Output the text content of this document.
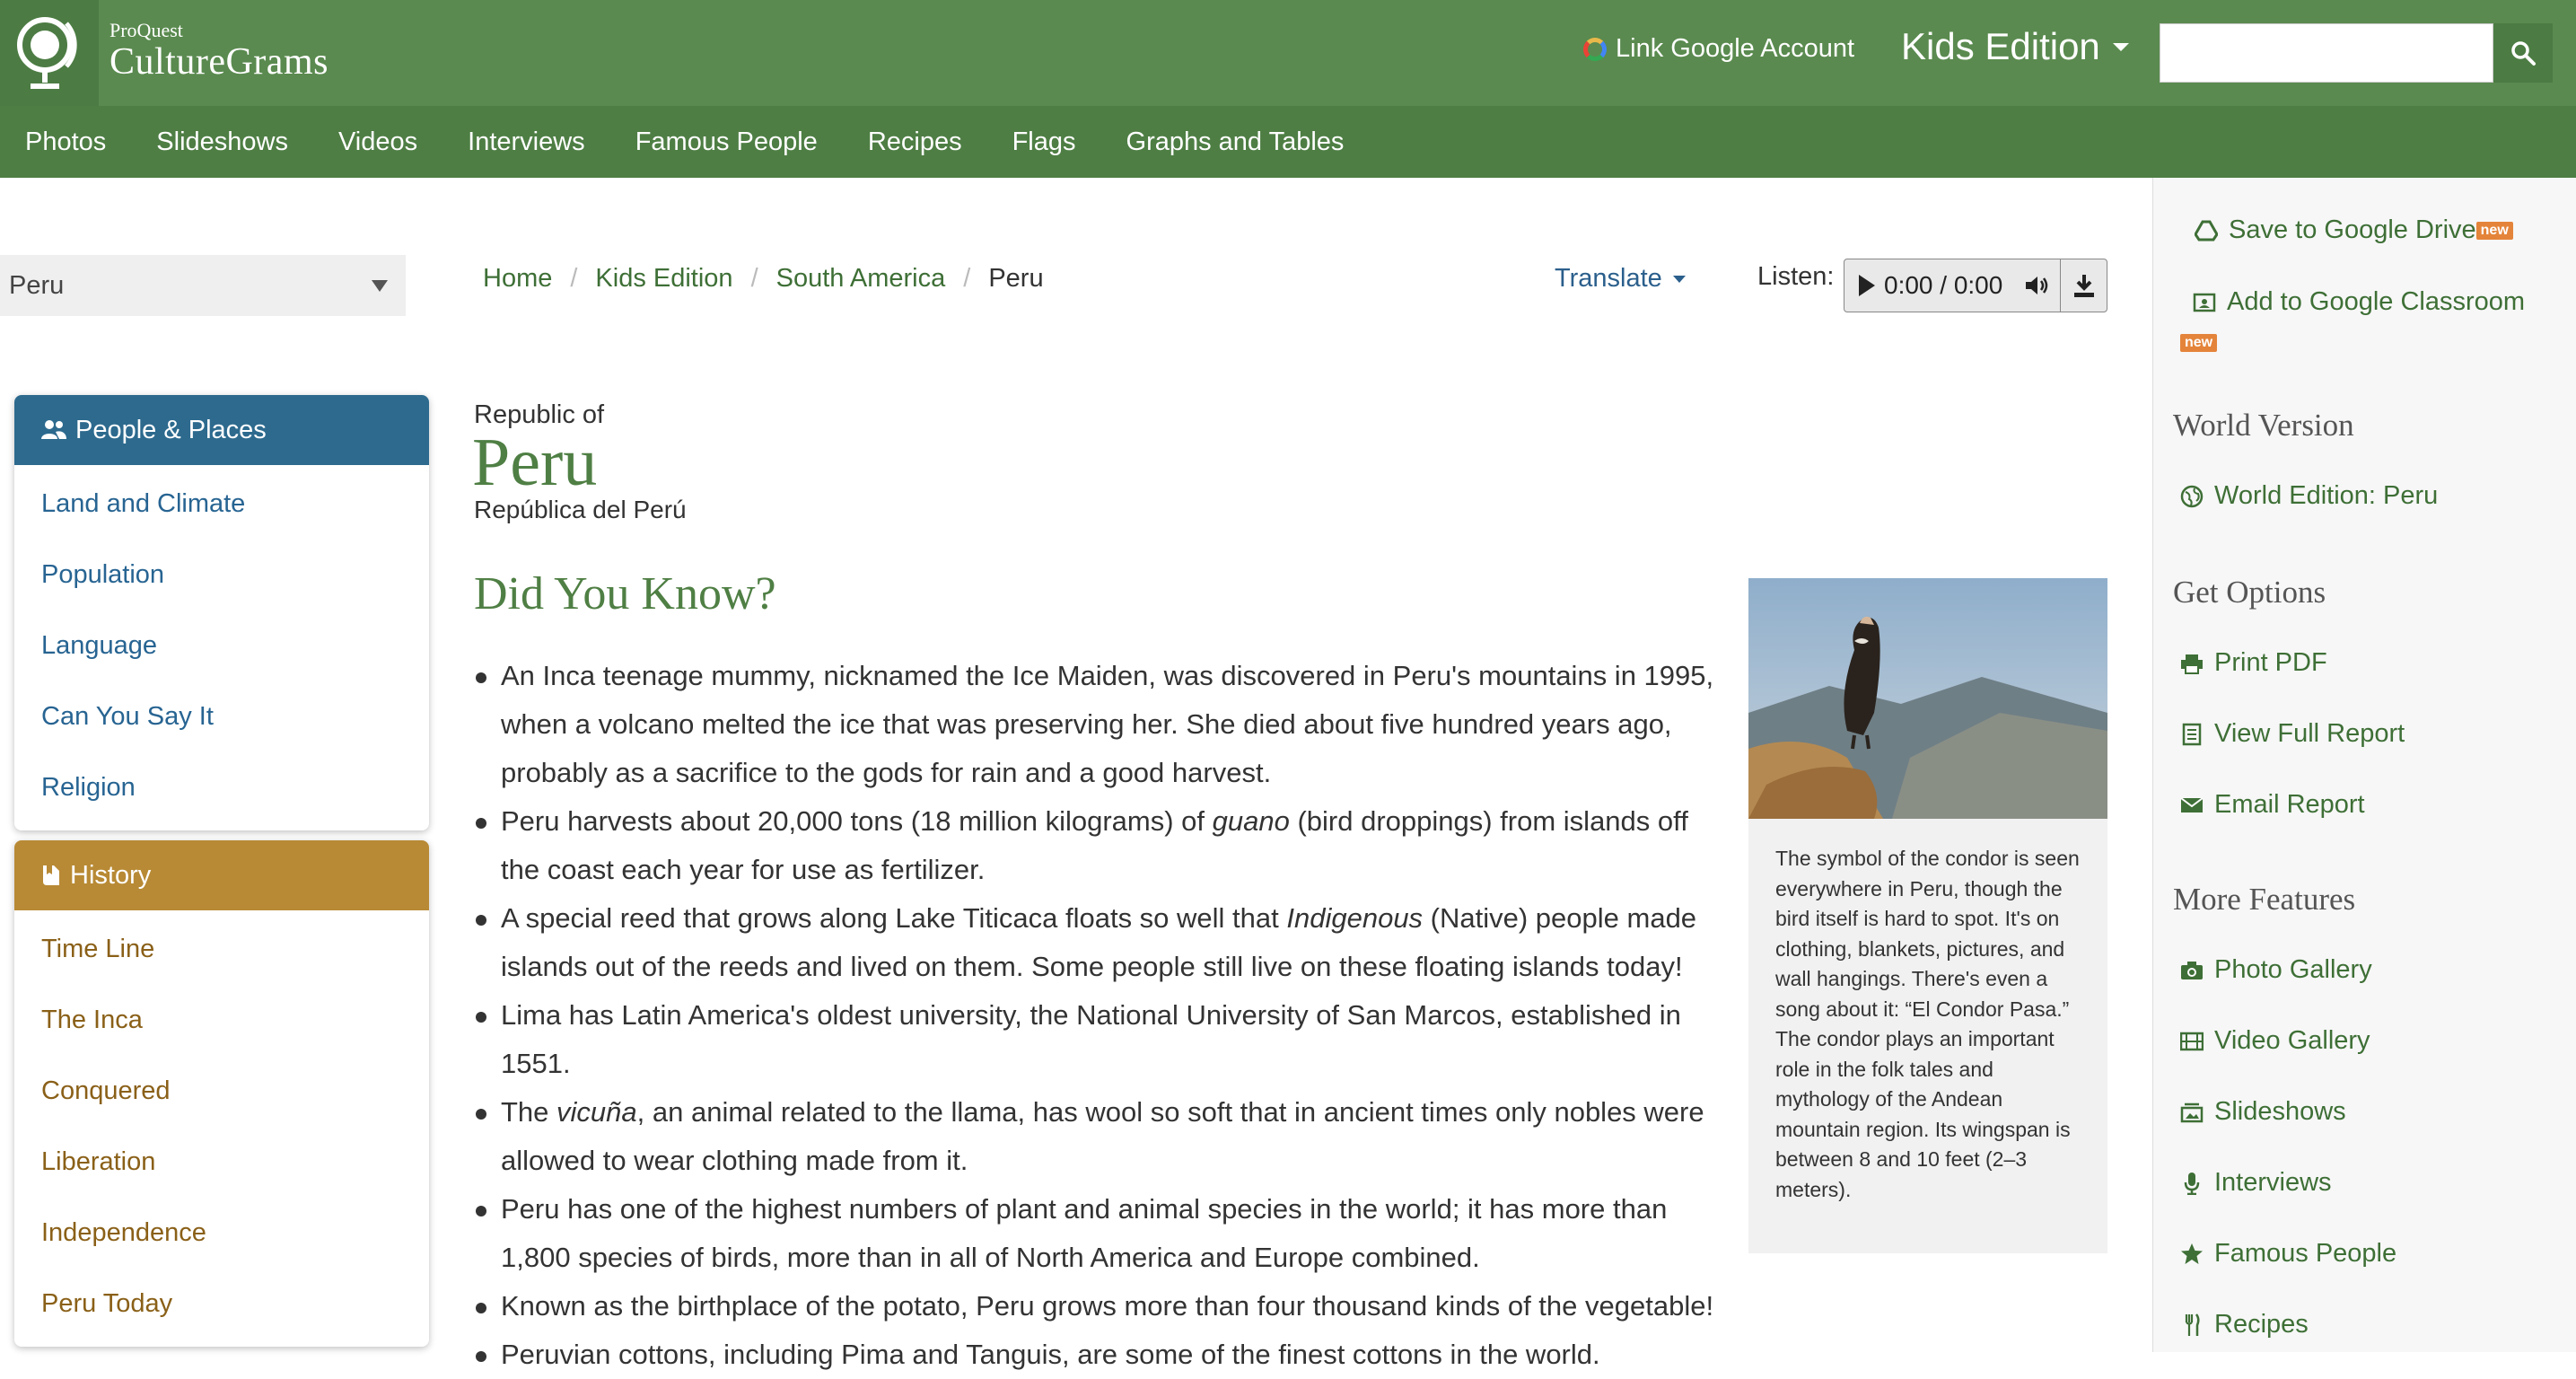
ProQuest
CultureGrams	Link Google Account Kids Edition
Photos	Slideshows	Videos	Interviews	Famous People	Recipes	Flags	Graphs and Tables
Peru
People & Places
Land and Climate
Population
Language
Can You Say It
Religion
History
Time Line
The Inca
Conquered
Liberation
Independence
Peru Today
Home / Kids Edition / South America / Peru	Translate	Listen: 0:00 / 0:00
Republic of
Peru
República del Perú
Did You Know?
An Inca teenage mummy, nicknamed the Ice Maiden, was discovered in Peru's mountains in 1995, when a volcano melted the ice that was preserving her. She died about five hundred years ago, probably as a sacrifice to the gods for rain and a good harvest.
Peru harvests about 20,000 tons (18 million kilograms) of guano (bird droppings) from islands off the coast each year for use as fertilizer.
A special reed that grows along Lake Titicaca floats so well that Indigenous (Native) people made islands out of the reeds and lived on them. Some people still live on these floating islands today!
Lima has Latin America's oldest university, the National University of San Marcos, established in 1551.
The vicuña, an animal related to the llama, has wool so soft that in ancient times only nobles were allowed to wear clothing made from it.
Peru has one of the highest numbers of plant and animal species in the world; it has more than 1,800 species of birds, more than in all of North America and Europe combined.
Known as the birthplace of the potato, Peru grows more than four thousand kinds of the vegetable!
Peruvian cottons, including Pima and Tanguis, are some of the finest cottons in the world.
The symbol of the condor is seen everywhere in Peru, though the bird itself is hard to spot. It's on clothing, blankets, pictures, and wall hangings. There's even a song about it: “El Condor Pasa.” The condor plays an important role in the folk tales and mythology of the Andean mountain region. Its wingspan is between 8 and 10 feet (2–3 meters).
Save to Google Drive new
Add to Google Classroom
new
World Version
World Edition: Peru
Get Options
Print PDF
View Full Report
Email Report
More Features
Photo Gallery
Video Gallery
Slideshows
Interviews
Famous People
Recipes
